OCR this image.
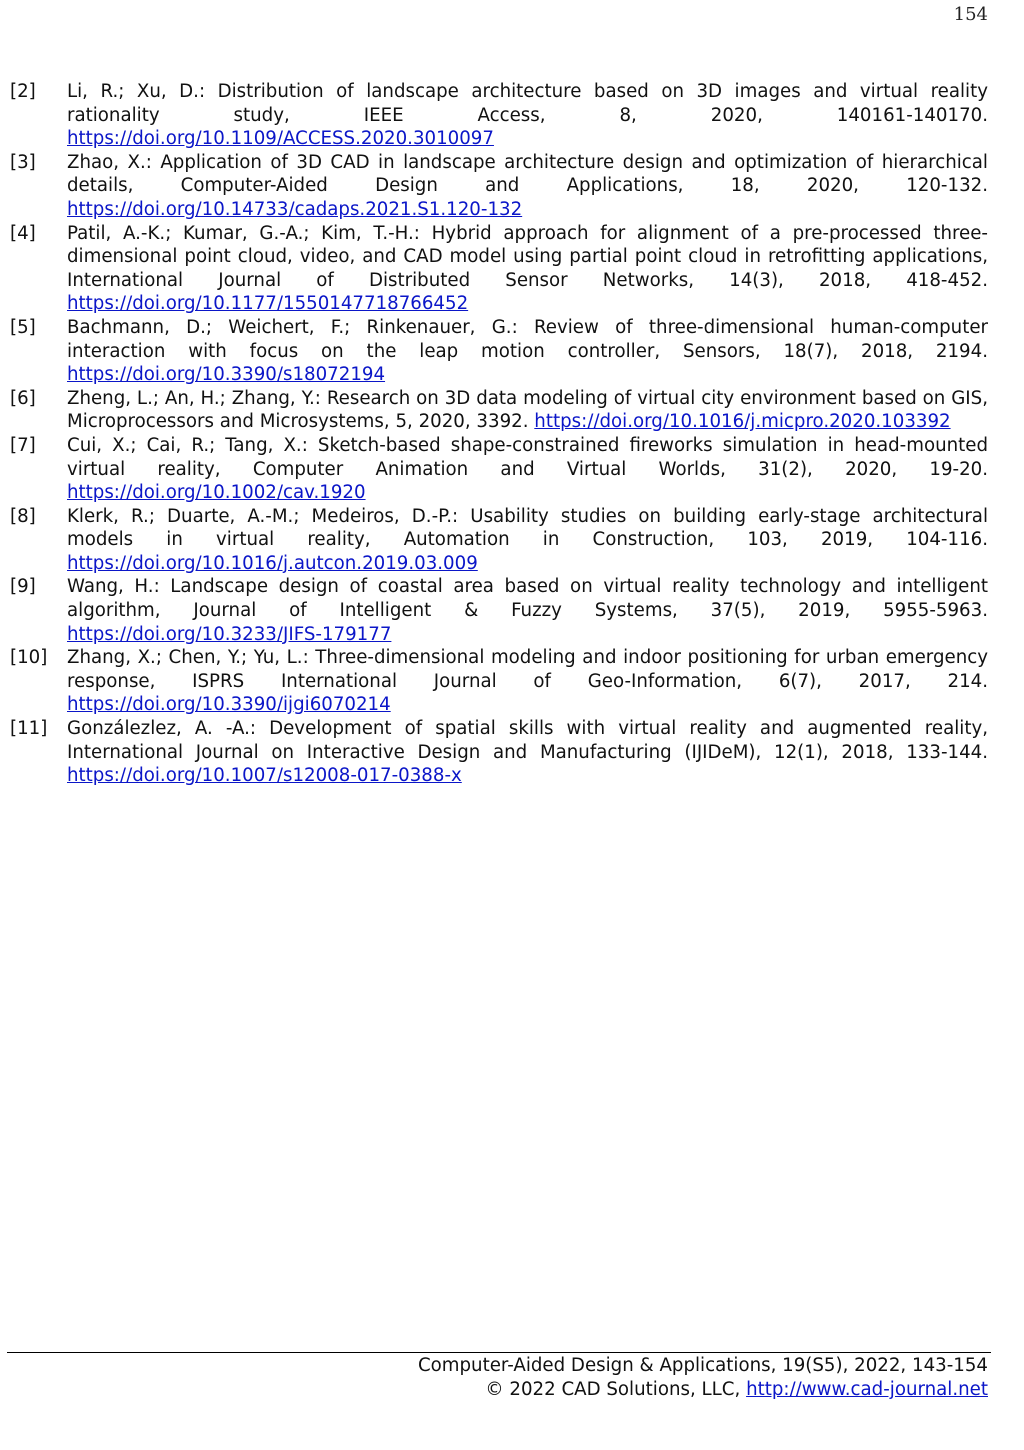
154
[2]	Li, R.; Xu, D.: Distribution of landscape architecture based on 3D images and virtual reality rationality study, IEEE Access, 8, 2020, 140161-140170. https://doi.org/10.1109/ACCESS.2020.3010097
[3]	Zhao, X.: Application of 3D CAD in landscape architecture design and optimization of hierarchical details, Computer-Aided Design and Applications, 18, 2020, 120-132. https://doi.org/10.14733/cadaps.2021.S1.120-132
[4]	Patil, A.-K.; Kumar, G.-A.; Kim, T.-H.: Hybrid approach for alignment of a pre-processed three-dimensional point cloud, video, and CAD model using partial point cloud in retrofitting applications, International Journal of Distributed Sensor Networks, 14(3), 2018, 418-452. https://doi.org/10.1177/1550147718766452
[5]	Bachmann, D.; Weichert, F.; Rinkenauer, G.: Review of three-dimensional human-computer interaction with focus on the leap motion controller, Sensors, 18(7), 2018, 2194. https://doi.org/10.3390/s18072194
[6]	Zheng, L.; An, H.; Zhang, Y.: Research on 3D data modeling of virtual city environment based on GIS, Microprocessors and Microsystems, 5, 2020, 3392. https://doi.org/10.1016/j.micpro.2020.103392
[7]	Cui, X.; Cai, R.; Tang, X.: Sketch‐based shape‐constrained fireworks simulation in head‐mounted virtual reality, Computer Animation and Virtual Worlds, 31(2), 2020, 19-20. https://doi.org/10.1002/cav.1920
[8]	Klerk, R.; Duarte, A.-M.; Medeiros, D.-P.: Usability studies on building early-stage architectural models in virtual reality, Automation in Construction, 103, 2019, 104-116. https://doi.org/10.1016/j.autcon.2019.03.009
[9]	Wang, H.: Landscape design of coastal area based on virtual reality technology and intelligent algorithm, Journal of Intelligent & Fuzzy Systems, 37(5), 2019, 5955-5963. https://doi.org/10.3233/JIFS-179177
[10]	Zhang, X.; Chen, Y.; Yu, L.: Three-dimensional modeling and indoor positioning for urban emergency response, ISPRS International Journal of Geo-Information, 6(7), 2017, 214. https://doi.org/10.3390/ijgi6070214
[11]	Gonzálezlez, A. -A.: Development of spatial skills with virtual reality and augmented reality, International Journal on Interactive Design and Manufacturing (IJIDeM), 12(1), 2018, 133-144. https://doi.org/10.1007/s12008-017-0388-x
Computer-Aided Design & Applications, 19(S5), 2022, 143-154
© 2022 CAD Solutions, LLC, http://www.cad-journal.net
